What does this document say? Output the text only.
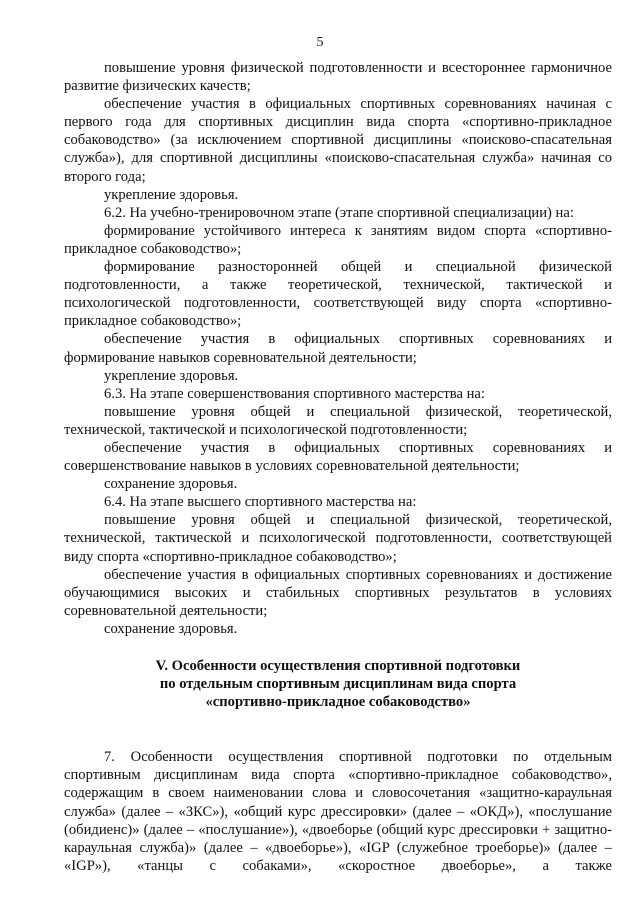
5

повышение уровня физической подготовленности и всестороннее гармоничное развитие физических качеств;

обеспечение участия в официальных спортивных соревнованиях начиная с первого года для спортивных дисциплин вида спорта «спортивно-прикладное собаководство» (за исключением спортивной дисциплины «поисково-спасательная служба»), для спортивной дисциплины «поисково-спасательная служба» начиная со второго года;

укрепление здоровья.

6.2. На учебно-тренировочном этапе (этапе спортивной специализации) на:

формирование устойчивого интереса к занятиям видом спорта «спортивно-прикладное собаководство»;

формирование разносторонней общей и специальной физической подготовленности, а также теоретической, технической, тактической и психологической подготовленности, соответствующей виду спорта «спортивно-прикладное собаководство»;

обеспечение участия в официальных спортивных соревнованиях и формирование навыков соревновательной деятельности;

укрепление здоровья.

6.3. На этапе совершенствования спортивного мастерства на:

повышение уровня общей и специальной физической, теоретической, технической, тактической и психологической подготовленности;

обеспечение участия в официальных спортивных соревнованиях и совершенствование навыков в условиях соревновательной деятельности;

сохранение здоровья.

6.4. На этапе высшего спортивного мастерства на:

повышение уровня общей и специальной физической, теоретической, технической, тактической и психологической подготовленности, соответствующей виду спорта «спортивно-прикладное собаководство»;

обеспечение участия в официальных спортивных соревнованиях и достижение обучающимися высоких и стабильных спортивных результатов в условиях соревновательной деятельности;

сохранение здоровья.

V. Особенности осуществления спортивной подготовки

по отдельным спортивным дисциплинам вида спорта

«спортивно-прикладное собаководство»

7. Особенности осуществления спортивной подготовки по отдельным спортивным дисциплинам вида спорта «спортивно-прикладное собаководство», содержащим в своем наименовании слова и словосочетания «защитно-караульная служба» (далее – «ЗКС»), «общий курс дрессировки» (далее – «ОКД»), «послушание (обидиенс)» (далее – «послушание»), «двоеборье (общий курс дрессировки + защитно-караульная служба)» (далее – «двоеборье»), «IGP (служебное троеборье)» (далее – «IGP»), «танцы с собаками», «скоростное двоеборье», а также
